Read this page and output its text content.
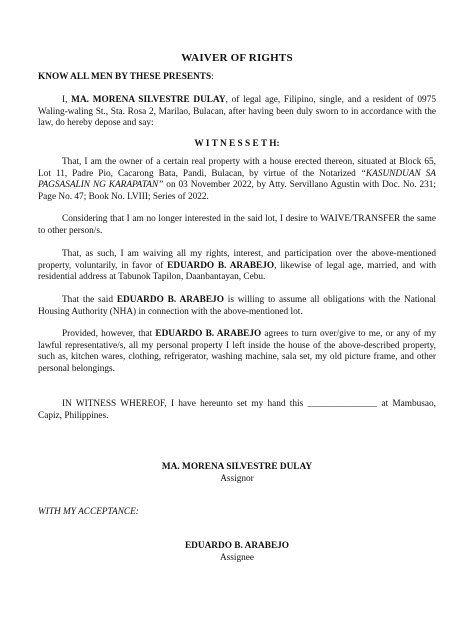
WAIVER OF RIGHTS
KNOW ALL MEN BY THESE PRESENTS:
I, MA. MORENA SILVESTRE DULAY, of legal age, Filipino, single, and a resident of 0975 Waling-waling St., Sta. Rosa 2, Marilao, Bulacan, after having been duly sworn to in accordance with the law, do hereby depose and say:
W I T N E S S E T H:
That, I am the owner of a certain real property with a house erected thereon, situated at Block 65, Lot 11, Padre Pio, Cacarong Bata, Pandi, Bulacan, by virtue of the Notarized “KASUNDUAN SA PAGSASALIN NG KARAPATAN” on 03 November 2022, by Atty. Servillano Agustin with Doc. No. 231; Page No. 47; Book No. LVIII; Series of 2022.
Considering that I am no longer interested in the said lot, I desire to WAIVE/TRANSFER the same to other person/s.
That, as such, I am waiving all my rights, interest, and participation over the above-mentioned property, voluntarily, in favor of EDUARDO B. ARABEJO, likewise of legal age, married, and with residential address at Tabunok Tapilon, Daanbantayan, Cebu.
That the said EDUARDO B. ARABEJO is willing to assume all obligations with the National Housing Authority (NHA) in connection with the above-mentioned lot.
Provided, however, that EDUARDO B. ARABEJO agrees to turn over/give to me, or any of my lawful representative/s, all my personal property I left inside the house of the above-described property, such as, kitchen wares, clothing, refrigerator, washing machine, sala set, my old picture frame, and other personal belongings.
IN WITNESS WHEREOF, I have hereunto set my hand this _______________ at Mambusao, Capiz, Philippines.
MA. MORENA SILVESTRE DULAY
Assignor
WITH MY ACCEPTANCE:
EDUARDO B. ARABEJO
Assignee
